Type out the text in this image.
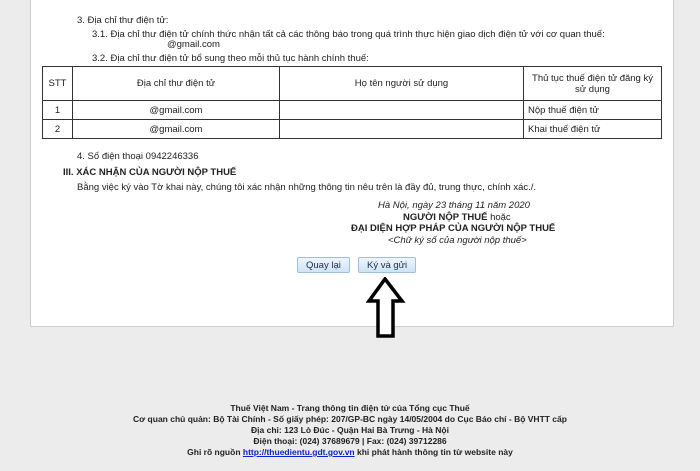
3. Địa chỉ thư điện tử:
3.1. Địa chỉ thư điện tử chính thức nhận tất cả các thông báo trong quá trình thực hiện giao dịch điện tử với cơ quan thuế:
@gmail.com
3.2. Địa chỉ thư điện tử bổ sung theo mỗi thủ tục hành chính thuế:
STT	Địa chỉ thư điện tử	Họ tên người sử dụng	Thủ tục thuế điện tử đăng ký sử dụng
1	@gmail.com		Nộp thuế điện tử
2	@gmail.com		Khai thuế điện tử
4. Số điện thoại 0942246336
III. XÁC NHẬN CỦA NGƯỜI NỘP THUẾ
Bằng việc ký vào Tờ khai này, chúng tôi xác nhận những thông tin nêu trên là đầy đủ, trung thực, chính xác./.
Hà Nội, ngày 23 tháng 11 năm 2020
NGƯỜI NỘP THUẾ hoặc
ĐẠI DIỆN HỢP PHÁP CỦA NGƯỜI NỘP THUẾ
<Chữ ký số của người nộp thuế>
Quay lại	Ký và gửi
Thuế Việt Nam - Trang thông tin điện tử của Tổng cục Thuế
Cơ quan chủ quản: Bộ Tài Chính - Số giấy phép: 207/GP-BC ngày 14/05/2004 do Cục Báo chí - Bộ VHTT cấp
Địa chỉ: 123 Lò Đúc - Quận Hai Bà Trưng - Hà Nội
Điện thoại: (024) 37689679 | Fax: (024) 39712286
Ghi rõ nguồn http://thuedientu.gdt.gov.vn khi phát hành thông tin từ website này
